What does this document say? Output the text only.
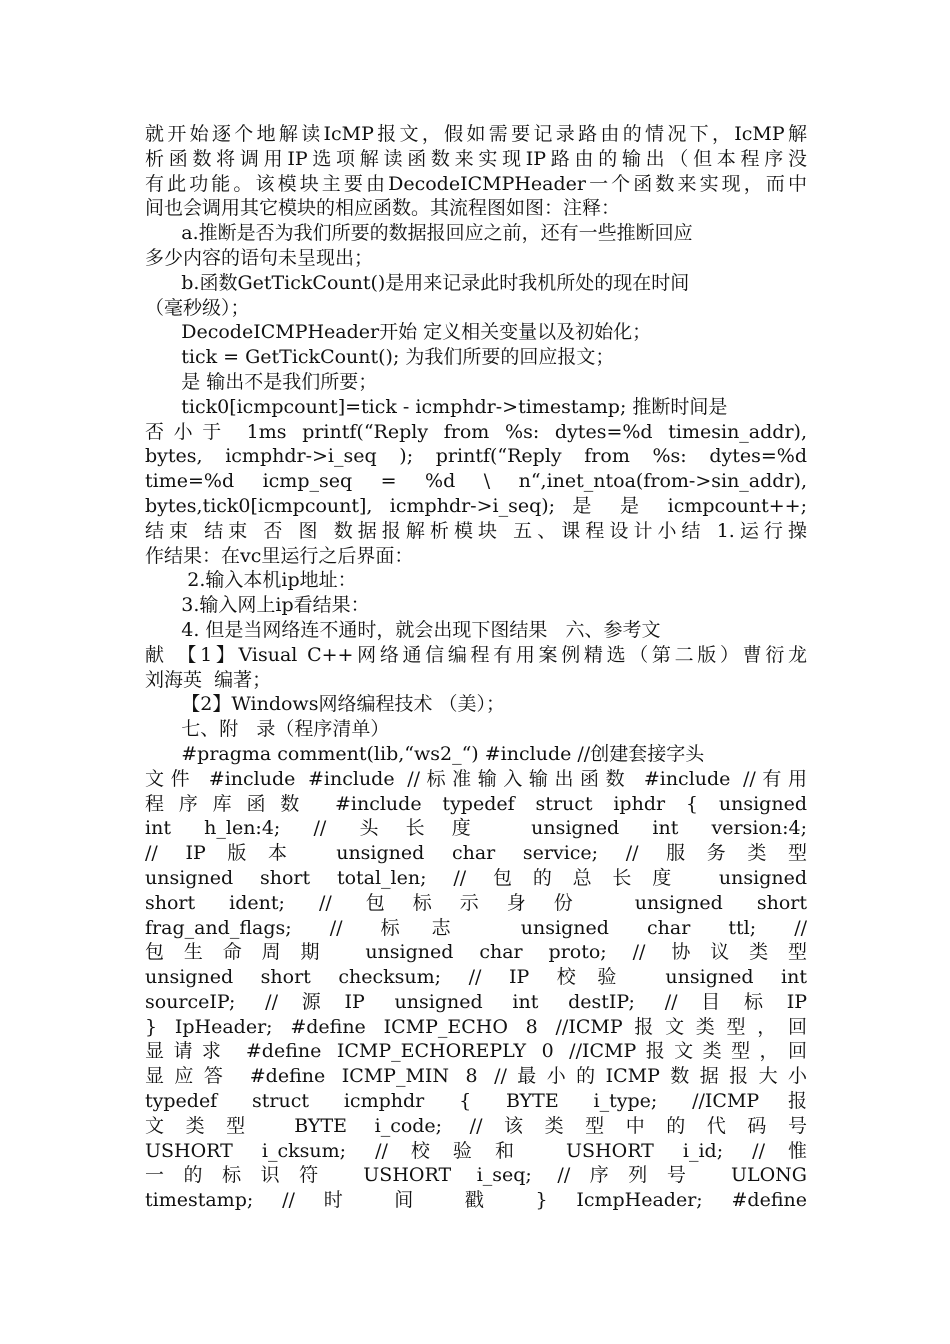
就开始逐个地解读IcMP报文，假如需要记录路由的情况下，IcMP解
析函数将调用IP选项解读函数来实现IP路由的输出（但本程序没
有此功能。该模块主要由DecodeICMPHeader一个函数来实现，而中
间也会调用其它模块的相应函数。其流程图如图：注释：
a.推断是否为我们所要的数据报回应之前，还有一些推断回应
多少内容的语句未呈现出；
b.函数GetTickCount()是用来记录此时我机所处的现在时间
（毫秒级）；
DecodeICMPHeader开始 定义相关变量以及初始化；
tick = GetTickCount(); 为我们所要的回应报文；
是 输出不是我们所要；
tick0[icmpcount]=tick - icmphdr->timestamp; 推断时间是
否小于 1ms printf(“Reply from %s: dytes=%d timesin_addr),
bytes, icmphdr->i_seq ); printf(“Reply from %s: dytes=%d
time=%d icmp_seq = %d \ n“,inet_ntoa(from->sin_addr),
bytes,tick0[icmpcount], icmphdr->i_seq); 是 是 icmpcount++;
结束 结束 否 图 数据报解析模块 五、课程设计小结 1.运行操
作结果：在vc里运行之后界面：
2.输入本机ip地址：
3.输入网上ip看结果：
4. 但是当网络连不通时，就会出现下图结果   六、参考文
献 【1】Visual C++网络通信编程有用案例精选（第二版）曹衍龙
刘海英  编著；
【2】Windows网络编程技术 （美）；
七、附   录（程序清单）
#pragma comment(lib,“ws2_“) #include //创建套接字头
文件 #include #include //标准输入输出函数 #include //有用
程序库函数 #include typedef struct iphdr { unsigned
int h_len:4; // 头长度 unsigned int version:4;
// IP版本 unsigned char service; // 服务类型
unsigned short total_len; // 包的总长度 unsigned
short ident; // 包标示身份 unsigned short
frag_and_flags; // 标志 unsigned char ttl; //
包生命周期 unsigned char proto; // 协议类型
unsigned short checksum; // IP 校验 unsigned int
sourceIP; //源IP unsigned int destIP; //目标IP
} IpHeader; #define ICMP_ECHO 8 //ICMP报文类型，回
显请求 #define ICMP_ECHOREPLY 0 //ICMP报文类型，回
显应答 #define ICMP_MIN 8 //最小的ICMP数据报大小
typedef struct icmphdr { BYTE i_type; //ICMP报
文类型 BYTE i_code; //该类型中的代码号
USHORT i_cksum; //校验和 USHORT i_id; //惟
一的标识符 USHORT i_seq; //序列号 ULONG
timestamp; // 时 间 戳 } IcmpHeader; #define
